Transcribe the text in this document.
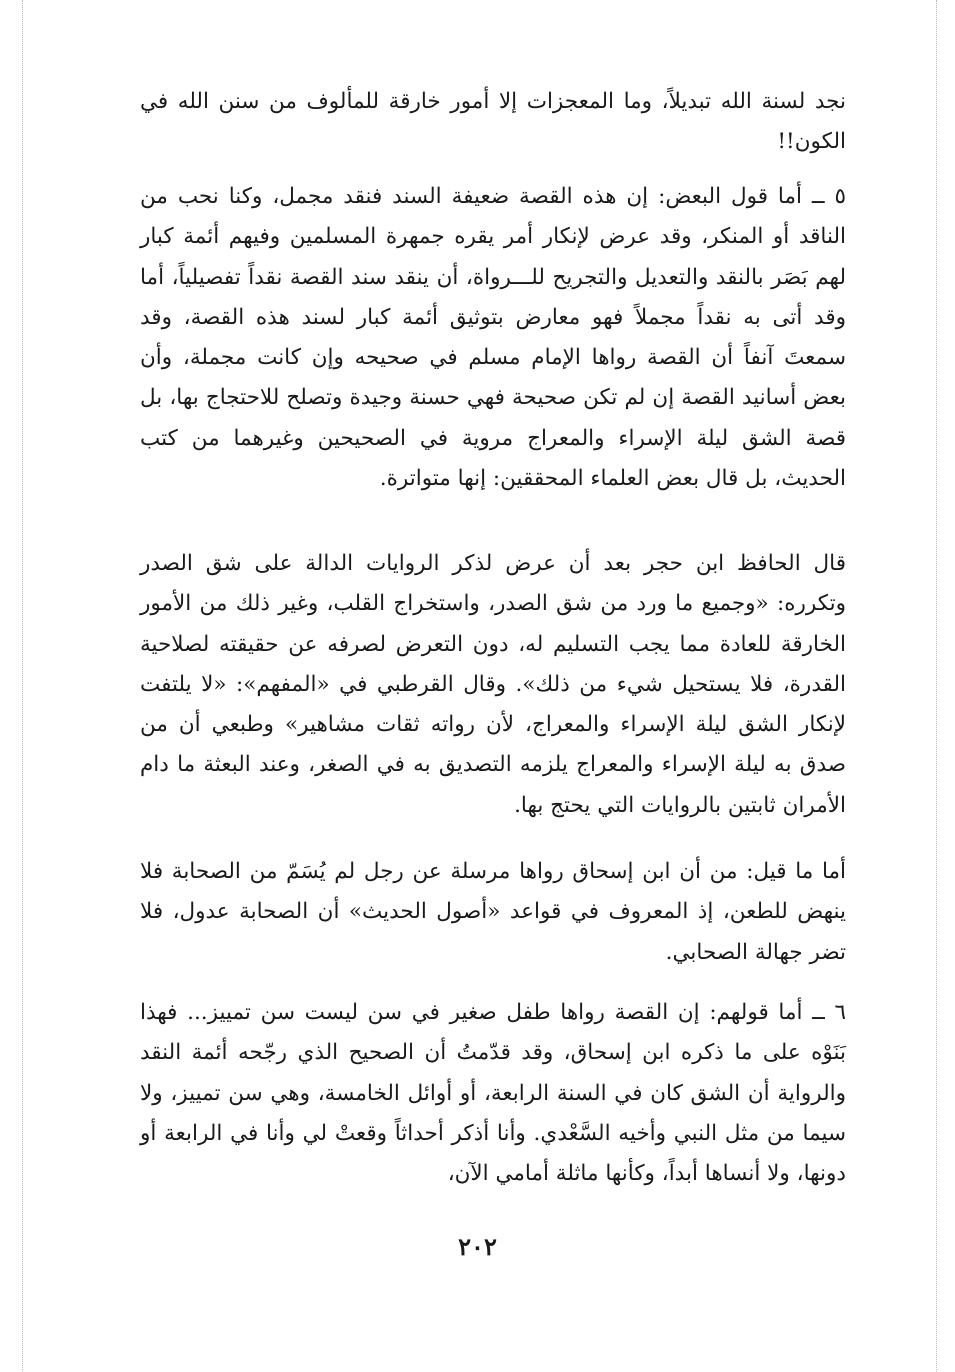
نجد لسنة الله تبديلاً، وما المعجزات إلا أمور خارقة للمألوف من سنن الله في الكون!!
٥ ــ أما قول البعض: إن هذه القصة ضعيفة السند فنقد مجمل، وكنا نحب من الناقد أو المنكر، وقد عرض لإنكار أمر يقره جمهرة المسلمين وفيهم أئمة كبار لهم بَصَر بالنقد والتعديل والتجريح للـــرواة، أن ينقد سند القصة نقداً تفصيلياً، أما وقد أتى به نقداً مجملاً فهو معارض بتوثيق أئمة كبار لسند هذه القصة، وقد سمعتَ آنفاً أن القصة رواها الإمام مسلم في صحيحه وإن كانت مجملة، وأن بعض أسانيد القصة إن لم تكن صحيحة فهي حسنة وجيدة وتصلح للاحتجاج بها، بل قصة الشق ليلة الإسراء والمعراج مروية في الصحيحين وغيرهما من كتب الحديث، بل قال بعض العلماء المحققين: إنها متواترة.
قال الحافظ ابن حجر بعد أن عرض لذكر الروايات الدالة على شق الصدر وتكرره: «وجميع ما ورد من شق الصدر، واستخراج القلب، وغير ذلك من الأمور الخارقة للعادة مما يجب التسليم له، دون التعرض لصرفه عن حقيقته لصلاحية القدرة، فلا يستحيل شيء من ذلك». وقال القرطبي في «المفهم»: «لا يلتفت لإنكار الشق ليلة الإسراء والمعراج، لأن رواته ثقات مشاهير» وطبعي أن من صدق به ليلة الإسراء والمعراج يلزمه التصديق به في الصغر، وعند البعثة ما دام الأمران ثابتين بالروايات التي يحتج بها.
أما ما قيل: من أن ابن إسحاق رواها مرسلة عن رجل لم يُسَمّ من الصحابة فلا ينهض للطعن، إذ المعروف في قواعد «أصول الحديث» أن الصحابة عدول، فلا تضر جهالة الصحابي.
٦ ــ أما قولهم: إن القصة رواها طفل صغير في سن ليست سن تمييز... فهذا بَنَوْه على ما ذكره ابن إسحاق، وقد قدّمتُ أن الصحيح الذي رجّحه أئمة النقد والرواية أن الشق كان في السنة الرابعة، أو أوائل الخامسة، وهي سن تمييز، ولا سيما من مثل النبي وأخيه السَّعْدي. وأنا أذكر أحداثاً وقعتْ لي وأنا في الرابعة أو دونها، ولا أنساها أبداً، وكأنها ماثلة أمامي الآن،
٢٠٢
